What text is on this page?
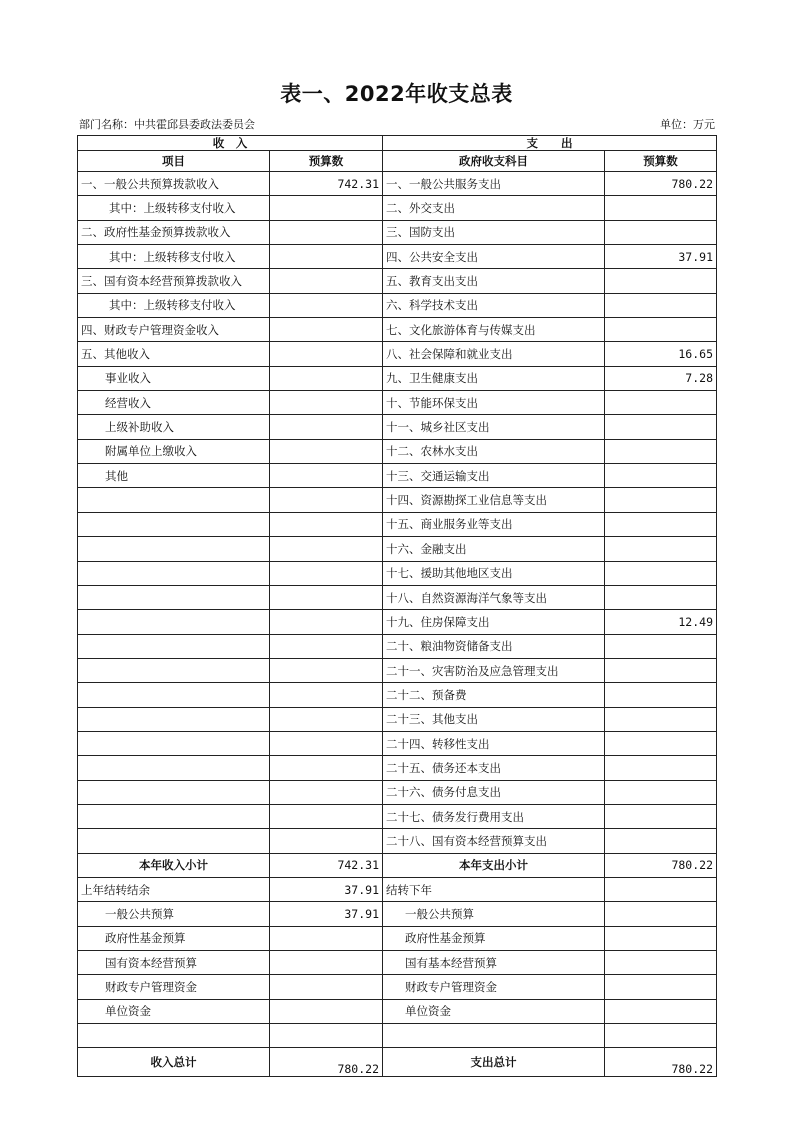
表一、2022年收支总表
部门名称：中共霍邱县委政法委员会	单位：万元
收　入		支　　出	
项目	预算数	政府收支科目	预算数
一、一般公共预算拨款收入	742.31	一、一般公共服务支出	780.22
其中：上级转移支付收入		二、外交支出	
二、政府性基金预算拨款收入		三、国防支出	
其中：上级转移支付收入		四、公共安全支出	37.91
三、国有资本经营预算拨款收入		五、教育支出支出	
其中：上级转移支付收入		六、科学技术支出	
四、财政专户管理资金收入		七、文化旅游体育与传媒支出	
五、其他收入		八、社会保障和就业支出	16.65
事业收入		九、卫生健康支出	7.28
经营收入		十、节能环保支出	
上级补助收入		十一、城乡社区支出	
附属单位上缴收入		十二、农林水支出	
其他		十三、交通运输支出	
		十四、资源勘探工业信息等支出	
		十五、商业服务业等支出	
		十六、金融支出	
		十七、援助其他地区支出	
		十八、自然资源海洋气象等支出	
		十九、住房保障支出	12.49
		二十、粮油物资储备支出	
		二十一、灾害防治及应急管理支出	
		二十二、预备费	
		二十三、其他支出	
		二十四、转移性支出	
		二十五、债务还本支出	
		二十六、债务付息支出	
		二十七、债务发行费用支出	
		二十八、国有资本经营预算支出	
本年收入小计	742.31	本年支出小计	780.22
上年结转结余	37.91	结转下年	
一般公共预算	37.91	一般公共预算	
政府性基金预算		政府性基金预算	
国有资本经营预算		国有基本经营预算	
财政专户管理资金		财政专户管理资金	
单位资金		单位资金	

收入总计	780.22	支出总计	780.22
